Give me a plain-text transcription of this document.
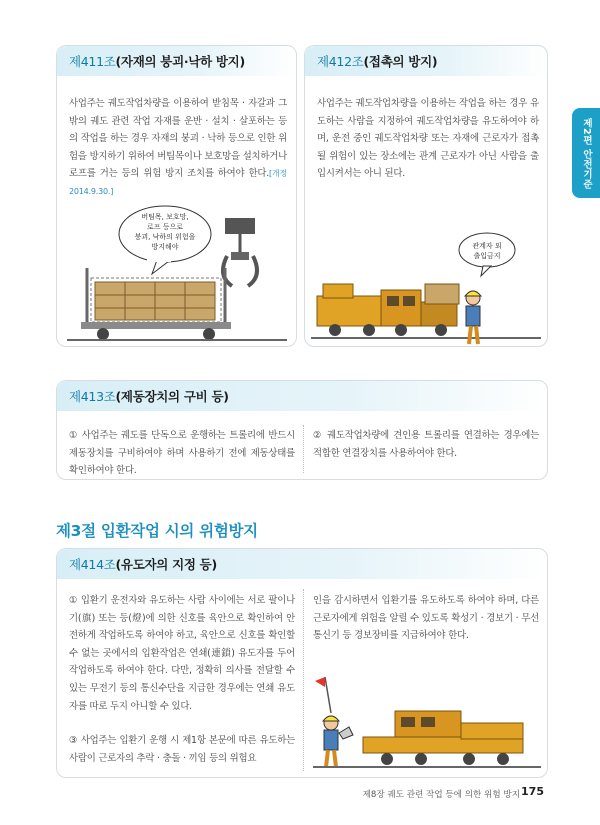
제2편 안전기준
제411조 (자재의 붕괴·낙하 방지)
사업주는 궤도작업차량을 이용하여 받침목 · 자갈과 그 밖의 궤도 관련 작업 자재를 운반 · 설치 · 살포하는 등의 작업을 하는 경우 자재의 붕괴 · 낙하 등으로 인한 위험을 방지하기 위하여 버팀목이나 보호망을 설치하거나 로프를 거는 등의 위험 방지 조치를 하여야 한다.[개정 2014.9.30.]
버팀목, 보호망,
로프 등으로
붕괴, 낙하의 위험을
방지해야
제412조 (접촉의 방지)
사업주는 궤도작업차량을 이용하는 작업을 하는 경우 유도하는 사람을 지정하여 궤도작업차량을 유도하여야 하며, 운전 중인 궤도작업차량 또는 자재에 근로자가 접촉될 위험이 있는 장소에는 관계 근로자가 아닌 사람을 출입시켜서는 아니 된다.
관계자 외
출입금지
제413조 (제동장치의 구비 등)
① 사업주는 궤도를 단독으로 운행하는 트롤리에 반드시 제동장치를 구비하여야 하며 사용하기 전에 제동상태를 확인하여야 한다.
② 궤도작업차량에 견인용 트롤리를 연결하는 경우에는 적합한 연결장치를 사용하여야 한다.
제3절 입환작업 시의 위험방지
제414조 (유도자의 지정 등)
① 입환기 운전자와 유도하는 사람 사이에는 서로 팔이나 기(旗) 또는 등(燈)에 의한 신호를 육안으로 확인하여 안전하게 작업하도록 하여야 하고, 육안으로 신호를 확인할 수 없는 곳에서의 입환작업은 연쇄(連鎖) 유도자를 두어 작업하도록 하여야 한다. 다만, 정확히 의사를 전달할 수 있는 무전기 등의 통신수단을 지급한 경우에는 연쇄 유도자를 따로 두지 아니할 수 있다.
③ 사업주는 입환기 운행 시 제1항 본문에 따른 유도하는 사람이 근로자의 추락 · 충돌 · 끼임 등의 위험요
인을 감시하면서 입환기를 유도하도록 하여야 하며, 다른 근로자에게 위험을 알릴 수 있도록 확성기 · 경보기 · 무선통신기 등 경보장비를 지급하여야 한다.
제8장 궤도 관련 작업 등에 의한 위험 방지 175
